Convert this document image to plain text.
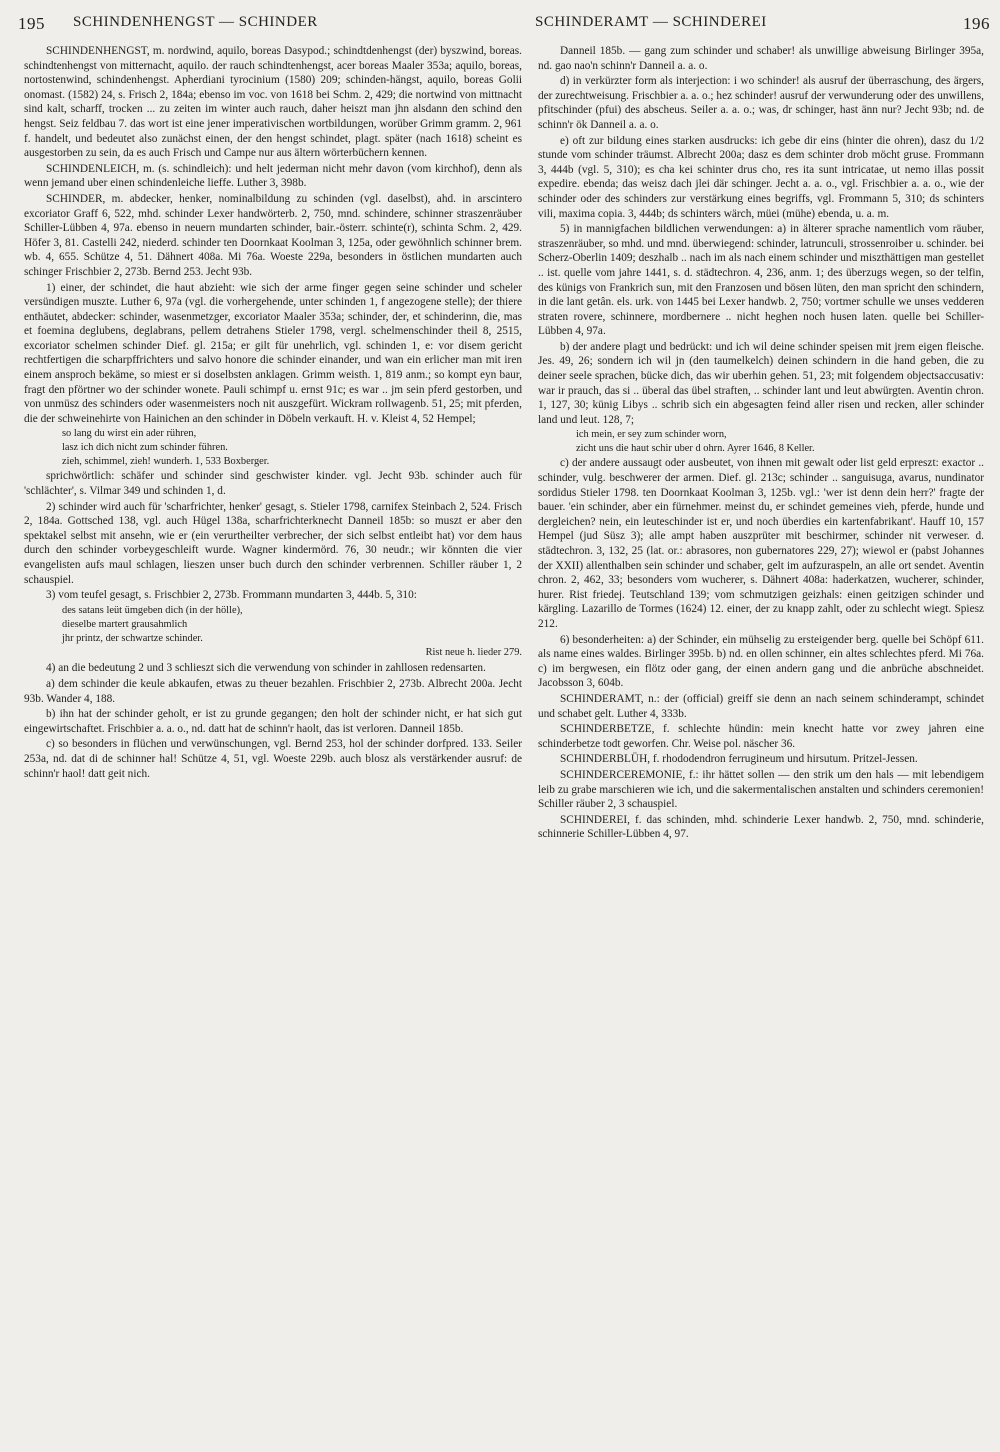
195 SCHINDENHENGST — SCHINDER	SCHINDERAMT — SCHINDEREI	196

SCHINDENHENGST, m. nordwind, aquilo, boreas Dasypod.; schindtdenhengst (der) byszwind, boreas. schindtenhengst von mitternacht, aquilo. der rauch schindtenhengst, acer boreas Maaler 353a; aquilo, boreas, nortostenwind, schindenhengst. Apherdiani tyrocinium (1580) 209; schinden-hängst, aquilo, boreas Golii onomast. (1582) 24, s. Frisch 2, 184a; ebenso im voc. von 1618 bei Schm. 2, 429; die nortwind von mittnacht sind kalt, scharff, trocken ... zu zeiten im winter auch rauch, daher heiszt man jhn alsdann den schind den hengst. Seiz feldbau 7. das wort ist eine jener imperativischen wortbildungen, worüber Grimm gramm. 2, 961 f. handelt, und bedeutet also zunächst einen, der den hengst schindet, plagt. später (nach 1618) scheint es ausgestorben zu sein, da es auch Frisch und Campe nur aus ältern wörterbüchern kennen.

SCHINDENLEICH, m. (s. schindleich): und helt jederman nicht mehr davon (vom kirchhof), denn als wenn jemand uber einen schindenleiche lieffe. Luther 3, 398b.

SCHINDER, m. abdecker, henker, nominalbildung zu schinden (vgl. daselbst), ahd. in arscintero excoriator Graff 6, 522, mhd. schinder Lexer handwörterb. 2, 750, mnd. schindere, schinner straszenräuber Schiller-Lübben 4, 97a. ebenso in neuern mundarten schinder, bair.-österr. schinte(r), schinta Schm. 2, 429. Höfer 3, 81. Castelli 242, niederd. schinder ten Doornkaat Koolman 3, 125a, oder gewöhnlich schinner brem. wb. 4, 655. Schütze 4, 51. Dähnert 408a. Mi 76a. Woeste 229a, besonders in östlichen mundarten auch schinger Frischbier 2, 273b. Bernd 253. Jecht 93b.

1) einer, der schindet, die haut abzieht: wie sich der arme finger gegen seine schinder und scheler versündigen muszte. Luther 6, 97a (vgl. die vorhergehende, unter schinden 1, f angezogene stelle); der thiere enthäutet, abdecker: schinder, wasenmetzger, excoriator Maaler 353a; schinder, der, et schinderinn, die, mas et foemina deglubens, deglabrans, pellem detrahens Stieler 1798, vergl. schelmenschinder theil 8, 2515, excoriator schelmen schinder Dief. gl. 215a; er gilt für unehrlich, vgl. schinden 1, e: vor disem gericht rechtfertigen die scharpffrichters und salvo honore die schinder einander, und wan ein erlicher man mit iren einem ansproch bekäme, so miest er si doselbsten anklagen. Grimm weisth. 1, 819 anm.; so kompt eyn baur, fragt den pförtner wo der schinder wonete. Pauli schimpf u. ernst 91c; es war .. jm sein pferd gestorben, und von unmüsz des schinders oder wasenmeisters noch nit auszgefürt. Wickram rollwagenb. 51, 25; mit pferden, die der schweinehirte von Hainichen an den schinder in Döbeln verkauft. H. v. Kleist 4, 52 Hempel;

so lang du wirst ein ader rühren,

lasz ich dich nicht zum schinder führen.

zieh, schimmel, zieh! wunderh. 1, 533 Boxberger.

sprichwörtlich: schäfer und schinder sind geschwister kinder. vgl. Jecht 93b. schinder auch für 'schlächter', s. Vilmar 349 und schinden 1, d.

2) schinder wird auch für 'scharfrichter, henker' gesagt, s. Stieler 1798, carnifex Steinbach 2, 524. Frisch 2, 184a. Gottsched 138, vgl. auch Hügel 138a, scharfrichterknecht Danneil 185b: so muszt er aber den spektakel selbst mit ansehn, wie er (ein verurtheilter verbrecher, der sich selbst entleibt hat) vor dem haus durch den schinder vorbeygeschleift wurde. Wagner kindermörd. 76, 30 neudr.; wir könnten die vier evangelisten aufs maul schlagen, lieszen unser buch durch den schinder verbrennen. Schiller räuber 1, 2 schauspiel.

3) vom teufel gesagt, s. Frischbier 2, 273b. Frommann mundarten 3, 444b. 5, 310:

des satans leüt ümgeben dich (in der hölle),

dieselbe martert grausahmlich

jhr printz, der schwartze schinder.

Rist neue h. lieder 279.

4) an die bedeutung 2 und 3 schlieszt sich die verwendung von schinder in zahllosen redensarten.

a) dem schinder die keule abkaufen, etwas zu theuer bezahlen. Frischbier 2, 273b. Albrecht 200a. Jecht 93b. Wander 4, 188.

b) ihn hat der schinder geholt, er ist zu grunde gegangen; den holt der schinder nicht, er hat sich gut eingewirtschaftet. Frischbier a. a. o., nd. datt hat de schinn'r haolt, das ist verloren. Danneil 185b.

c) so besonders in flüchen und verwünschungen, vgl. Bernd 253, hol der schinder dorfpred. 133. Seiler 253a, nd. dat di de schinner hal! Schütze 4, 51, vgl. Woeste 229b. auch blosz als verstärkender ausruf: de schinn'r haol! datt geit nich.

Danneil 185b. — gang zum schinder und schaber! als unwillige abweisung Birlinger 395a, nd. gao nao'n schinn'r Danneil a. a. o.

d) in verkürzter form als interjection: i wo schinder! als ausruf der überraschung, des ärgers, der zurechtweisung. Frischbier a. a. o.; hez schinder! ausruf der verwunderung oder des unwillens, pfitschinder (pfui) des abscheus. Seiler a. a. o.; was, dr schinger, hast änn nur? Jecht 93b; nd. de schinn'r ök Danneil a. a. o.

e) oft zur bildung eines starken ausdrucks: ich gebe dir eins (hinter die ohren), dasz du 1/2 stunde vom schinder träumst. Albrecht 200a; dasz es dem schinter drob möcht gruse. Frommann 3, 444b (vgl. 5, 310); es cha kei schinter drus cho, res ita sunt intricatae, ut nemo illas possit expedire. ebenda; das weisz dach jlei där schinger. Jecht a. a. o., vgl. Frischbier a. a. o., wie der schinder oder des schinders zur verstärkung eines begriffs, vgl. Frommann 5, 310; ds schinters vili, maxima copia. 3, 444b; ds schinters wärch, müei (mühe) ebenda, u. a. m.

5) in mannigfachen bildlichen verwendungen: a) in älterer sprache namentlich vom räuber, straszenräuber, so mhd. und mnd. überwiegend: schinder, latrunculi, strossenroiber u. schinder. bei Scherz-Oberlin 1409; deszhalb .. nach im als nach einem schinder und miszthättigen man gestellet .. ist. quelle vom jahre 1441, s. d. städtechron. 4, 236, anm. 1; des überzugs wegen, so der telfin, des künigs von Frankrich sun, mit den Franzosen und bösen lüten, den man spricht den schindern, in die lant getân. els. urk. von 1445 bei Lexer handwb. 2, 750; vortmer schulle we unses vedderen straten rovere, schinnere, mordbernere .. nicht heghen noch husen laten. quelle bei Schiller-Lübben 4, 97a.

b) der andere plagt und bedrückt: und ich wil deine schinder speisen mit jrem eigen fleische. Jes. 49, 26; sondern ich wil jn (den taumelkelch) deinen schindern in die hand geben, die zu deiner seele sprachen, bücke dich, das wir uberhin gehen. 51, 23; mit folgendem objectsaccusativ: war ir prauch, das si .. überal das übel straften, .. schinder lant und leut abwürgten. Aventin chron. 1, 127, 30; künig Libys .. schrib sich ein abgesagten feind aller risen und recken, aller schinder land und leut. 128, 7;

ich mein, er sey zum schinder worn,

zicht uns die haut schir uber d ohrn. Ayrer 1646, 8 Keller.

c) der andere aussaugt oder ausbeutet, von ihnen mit gewalt oder list geld erpreszt: exactor .. schinder, vulg. beschwerer der armen. Dief. gl. 213c; schinder .. sanguisuga, avarus, nundinator sordidus Stieler 1798. ten Doornkaat Koolman 3, 125b. vgl.: 'wer ist denn dein herr?' fragte der bauer. 'ein schinder, aber ein fürnehmer. meinst du, er schindet gemeines vieh, pferde, hunde und dergleichen? nein, ein leuteschinder ist er, und noch überdies ein kartenfabrikant'. Hauff 10, 157 Hempel (jud Süsz 3); alle ampt haben auszprüter mit beschirmer, schinder nit verweser. d. städtechron. 3, 132, 25 (lat. or.: abrasores, non gubernatores 229, 27); wiewol er (pabst Johannes der XXII) allenthalben sein schinder und schaber, gelt im aufzuraspeln, an alle ort sendet. Aventin chron. 2, 462, 33; besonders vom wucherer, s. Dähnert 408a: haderkatzen, wucherer, schinder, hurer. Rist friedej. Teutschland 139; vom schmutzigen geizhals: einen geitzigen schinder und kärgling. Lazarillo de Tormes (1624) 12. einer, der zu knapp zahlt, oder zu schlecht wiegt. Spiesz 212.

6) besonderheiten: a) der Schinder, ein mühselig zu ersteigender berg. quelle bei Schöpf 611. als name eines waldes. Birlinger 395b. b) nd. en ollen schinner, ein altes schlechtes pferd. Mi 76a. c) im bergwesen, ein flötz oder gang, der einen andern gang und die anbrüche abschneidet. Jacobsson 3, 604b.

SCHINDERAMT, n.: der (official) greiff sie denn an nach seinem schinderampt, schindet und schabet gelt. Luther 4, 333b.

SCHINDERBETZE, f. schlechte hündin: mein knecht hatte vor zwey jahren eine schinderbetze todt geworfen. Chr. Weise pol. näscher 36.

SCHINDERBLÜH, f. rhododendron ferrugineum und hirsutum. Pritzel-Jessen.

SCHINDERCEREMONIE, f.: ihr hättet sollen — den strik um den hals — mit lebendigem leib zu grabe marschieren wie ich, und die sakermentalischen anstalten und schinders ceremonien! Schiller räuber 2, 3 schauspiel.

SCHINDEREI, f. das schinden, mhd. schinderie Lexer handwb. 2, 750, mnd. schinderie, schinnerie Schiller-Lübben 4, 97.
